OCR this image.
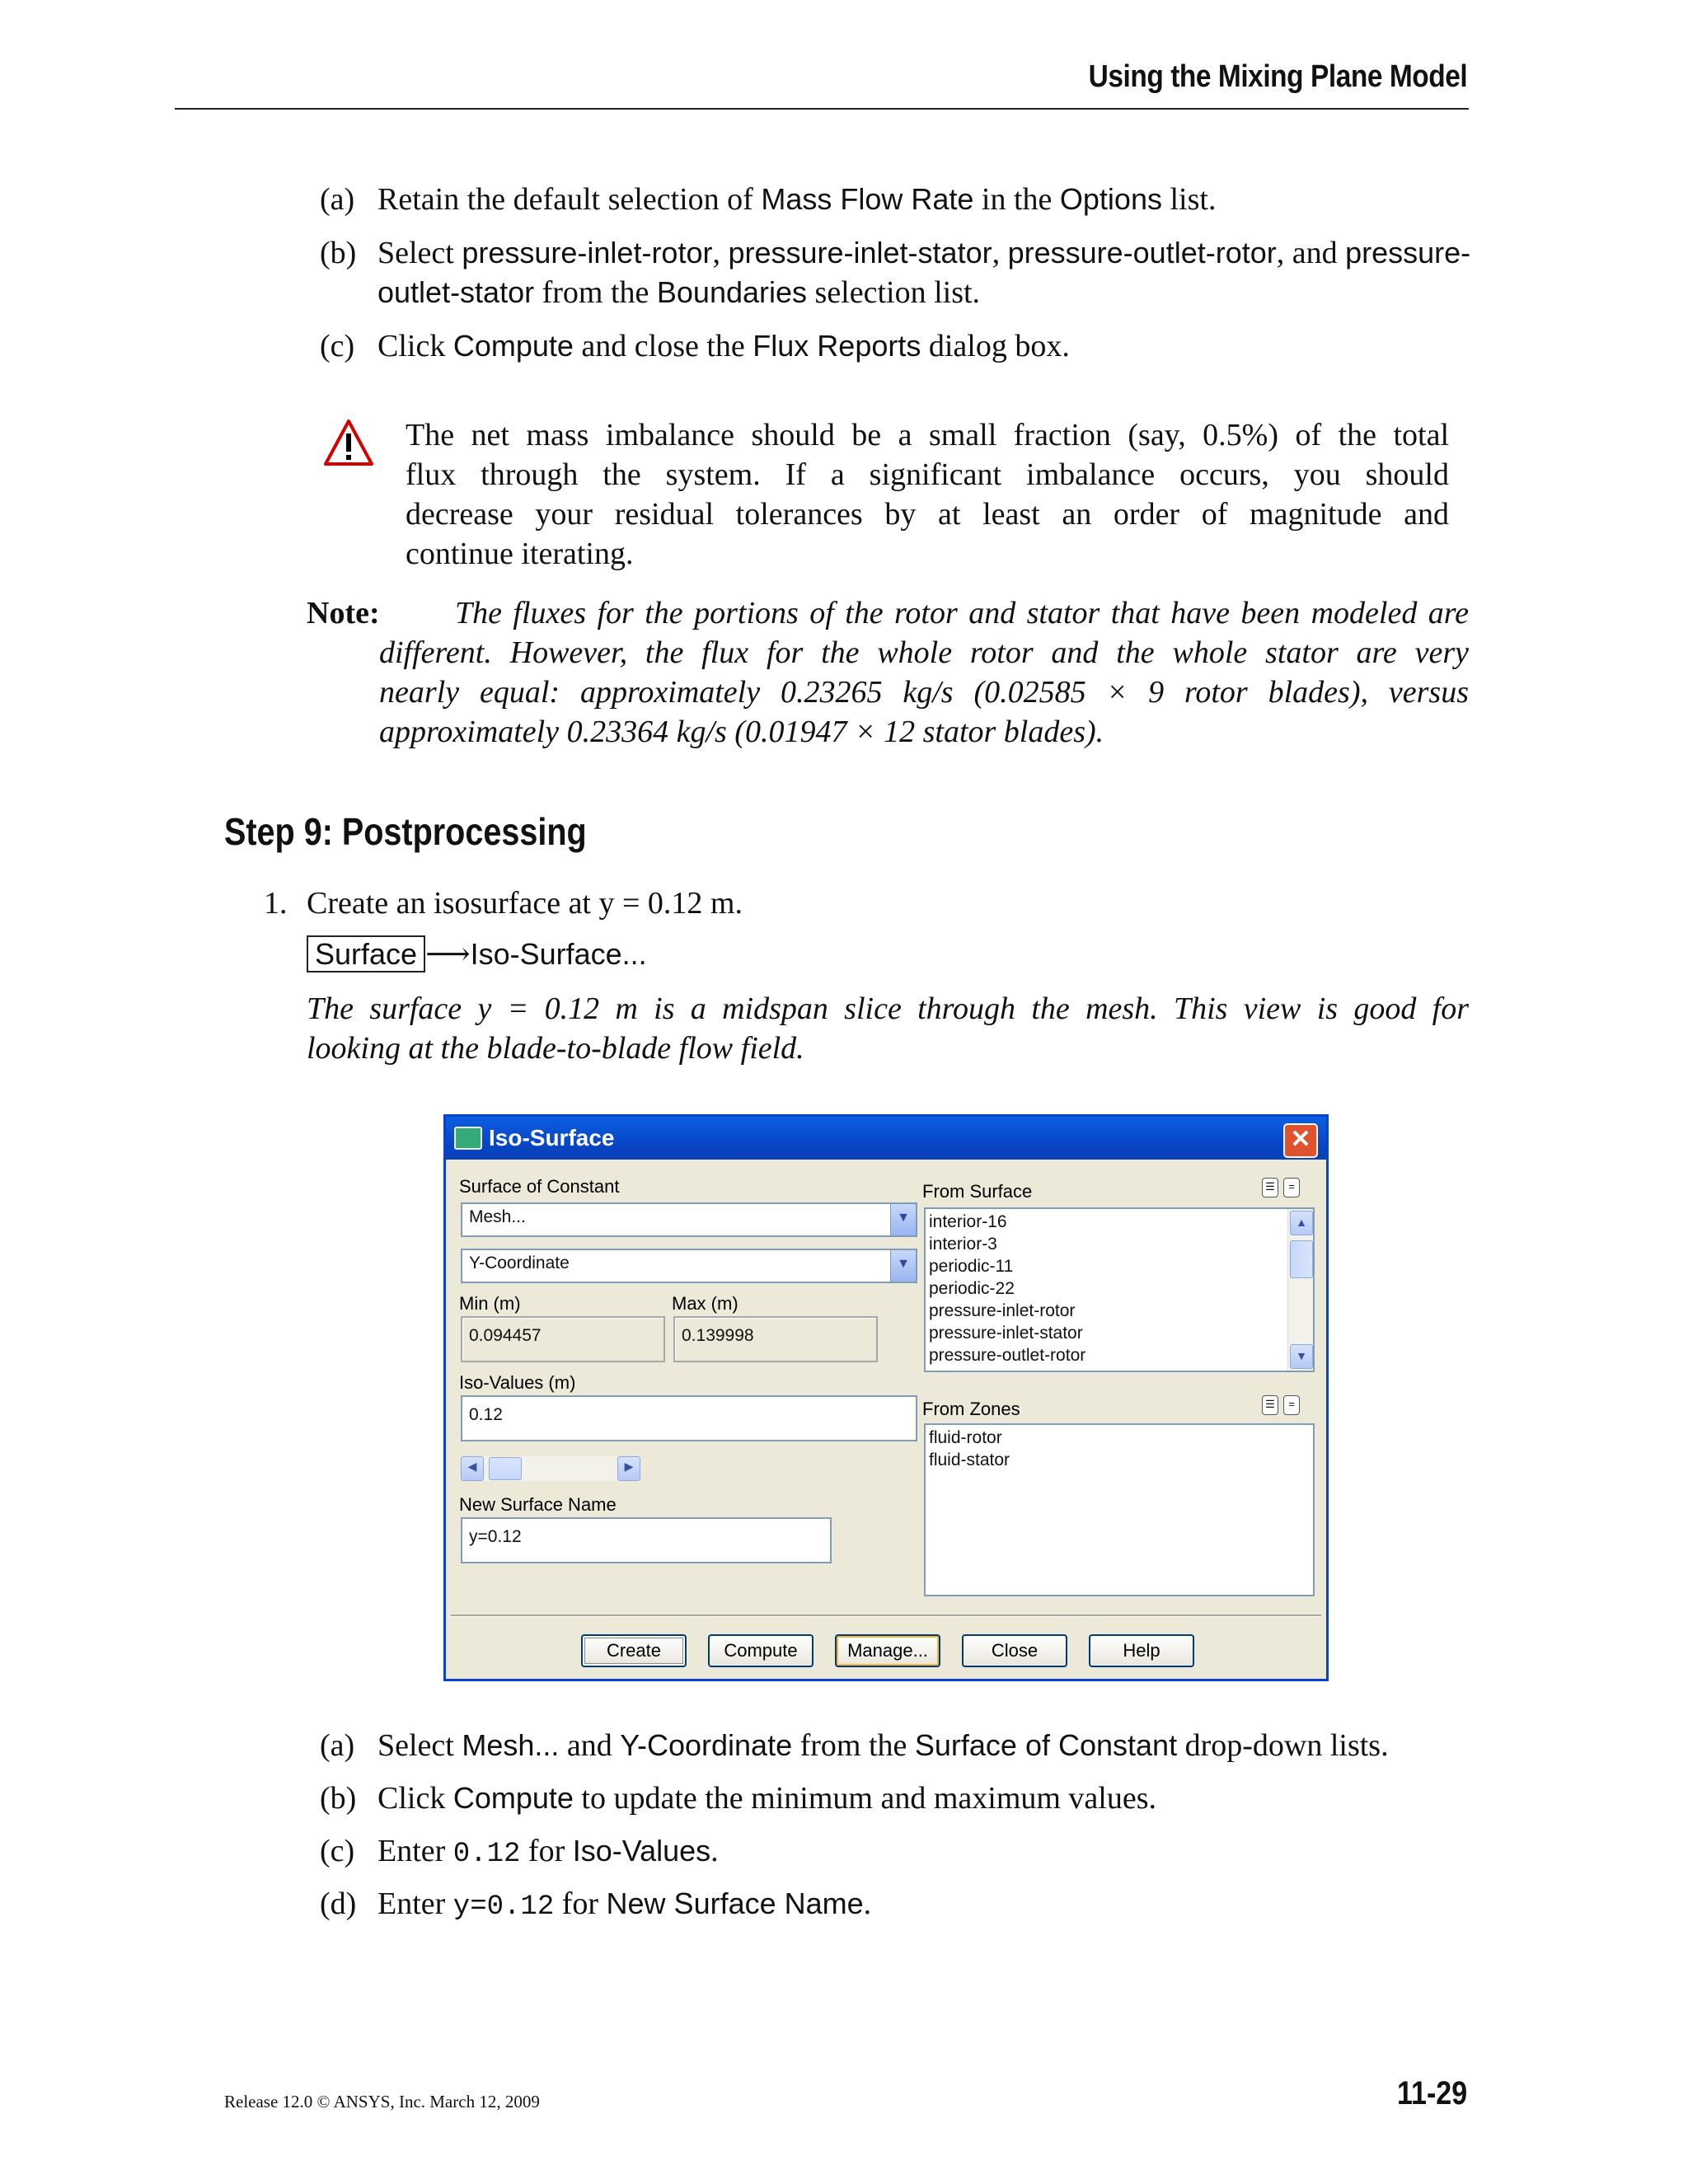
Using the Mixing Plane Model
(a) Retain the default selection of Mass Flow Rate in the Options list.
(b) Select pressure-inlet-rotor, pressure-inlet-stator, pressure-outlet-rotor, and pressure-
outlet-stator from the Boundaries selection list.
(c) Click Compute and close the Flux Reports dialog box.
The net mass imbalance should be a small fraction (say, 0.5%) of the total
flux through the system. If a significant imbalance occurs, you should
decrease your residual tolerances by at least an order of magnitude and
continue iterating.
Note: The fluxes for the portions of the rotor and stator that have been modeled are
different. However, the flux for the whole rotor and the whole stator are very
nearly equal: approximately 0.23265 kg/s (0.02585 × 9 rotor blades), versus
approximately 0.23364 kg/s (0.01947 × 12 stator blades).
Step 9: Postprocessing
1. Create an isosurface at y = 0.12 m.
Surface ⟶Iso-Surface...
The surface y = 0.12 m is a midspan slice through the mesh. This view is good for
looking at the blade-to-blade flow field.
Iso-Surface	✕
Surface of Constant
Mesh...	▼
Y-Coordinate	▼
Min (m)	Max (m)
0.094457	0.139998
Iso-Values (m)
0.12
◀	▶
New Surface Name
y=0.12
From Surface	☰	=
interior-16
interior-3
periodic-11
periodic-22
pressure-inlet-rotor
pressure-inlet-stator
pressure-outlet-rotor
▲
▼
From Zones	☰	=
fluid-rotor
fluid-stator
Create	Compute	Manage...	Close	Help
(a) Select Mesh... and Y-Coordinate from the Surface of Constant drop-down lists.
(b) Click Compute to update the minimum and maximum values.
(c) Enter 0.12 for Iso-Values.
(d) Enter y=0.12 for New Surface Name.
Release 12.0 © ANSYS, Inc. March 12, 2009	11-29
